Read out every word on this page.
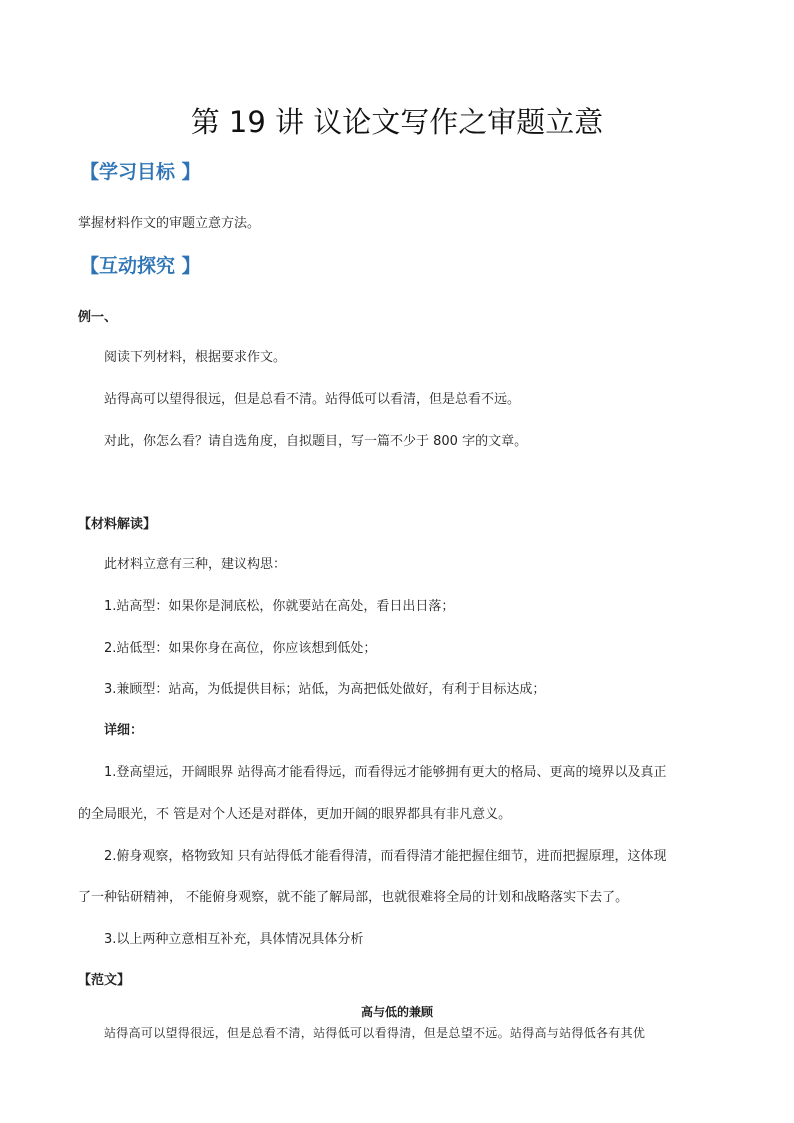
第 19 讲 议论文写作之审题立意
【学习目标 】
掌握材料作文的审题立意方法。
【互动探究 】
例一、
阅读下列材料，根据要求作文。
站得高可以望得很远，但是总看不清。站得低可以看清，但是总看不远。
对此，你怎么看？请自选角度，自拟题目，写一篇不少于 800 字的文章。
【材料解读】
此材料立意有三种，建议构思：
1.站高型：如果你是洞底松，你就要站在高处，看日出日落；
2.站低型：如果你身在高位，你应该想到低处；
3.兼顾型：站高，为低提供目标；站低，为高把低处做好，有利于目标达成；
详细：
1.登高望远，开阔眼界 站得高才能看得远，而看得远才能够拥有更大的格局、更高的境界以及真正
的全局眼光，不 管是对个人还是对群体，更加开阔的眼界都具有非凡意义。
2.俯身观察，格物致知 只有站得低才能看得清，而看得清才能把握住细节，进而把握原理，这体现
了一种钻研精神， 不能俯身观察，就不能了解局部，也就很难将全局的计划和战略落实下去了。
3.以上两种立意相互补充，具体情况具体分析
【范文】
高与低的兼顾
站得高可以望得很远，但是总看不清，站得低可以看得清，但是总望不远。站得高与站得低各有其优
